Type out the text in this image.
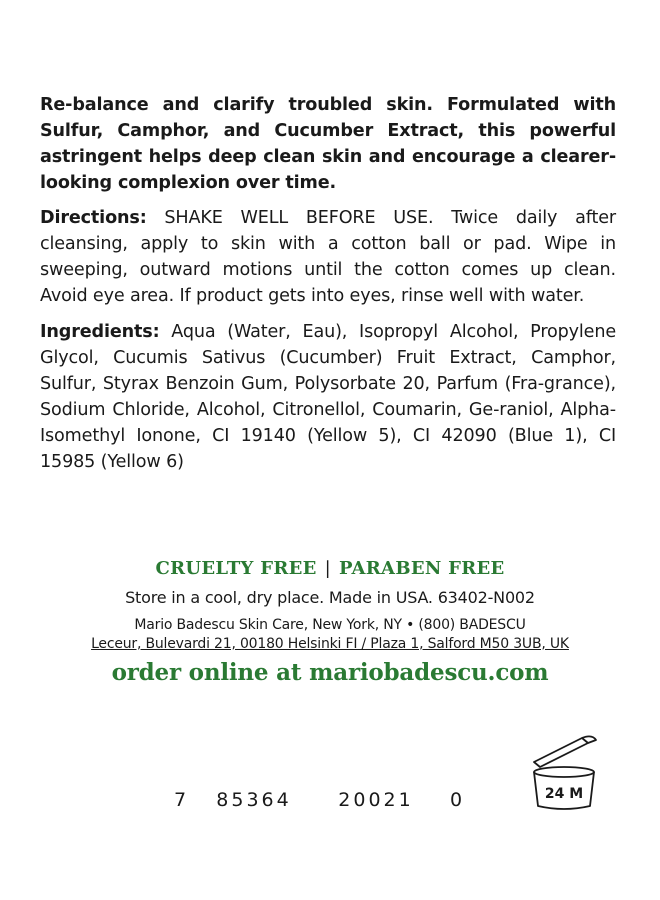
Re-balance and clarify troubled skin. Formulated with Sulfur, Camphor, and Cucumber Extract, this powerful astringent helps deep clean skin and encourage a clearer-looking complexion over time.

Directions: SHAKE WELL BEFORE USE. Twice daily after cleansing, apply to skin with a cotton ball or pad. Wipe in sweeping, outward motions until the cotton comes up clean. Avoid eye area. If product gets into eyes, rinse well with water.

Ingredients: Aqua (Water, Eau), Isopropyl Alcohol, Propylene Glycol, Cucumis Sativus (Cucumber) Fruit Extract, Camphor, Sulfur, Styrax Benzoin Gum, Polysorbate 20, Parfum (Fra-grance), Sodium Chloride, Alcohol, Citronellol, Coumarin, Ge-raniol, Alpha-Isomethyl Ionone, CI 19140 (Yellow 5), CI 42090 (Blue 1), CI 15985 (Yellow 6)

CRUELTY FREE | PARABEN FREE
Store in a cool, dry place. Made in USA. 63402-N002
Mario Badescu Skin Care, New York, NY • (800) BADESCU
Leceur, Bulevardi 21, 00180 Helsinki FI / Plaza 1, Salford M50 3UB, UK
order online at mariobadescu.com
7 85364 20021 0	24 M
